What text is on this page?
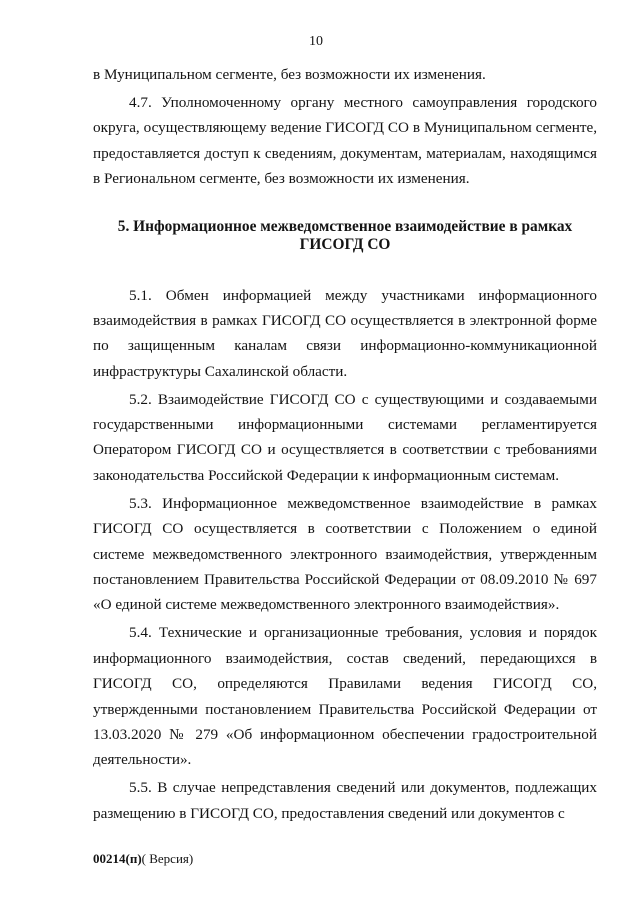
10

в Муниципальном сегменте, без возможности их изменения.

4.7. Уполномоченному органу местного самоуправления городского округа, осуществляющему ведение ГИСОГД СО в Муниципальном сегменте, предоставляется доступ к сведениям, документам, материалам, находящимся в Региональном сегменте, без возможности их изменения.

5. Информационное межведомственное взаимодействие в рамках
ГИСОГД СО

5.1. Обмен информацией между участниками информационного взаимодействия в рамках ГИСОГД СО осуществляется в электронной форме по защищенным каналам связи информационно-коммуникационной инфраструктуры Сахалинской области.

5.2. Взаимодействие ГИСОГД СО с существующими и создаваемыми государственными информационными системами регламентируется Оператором ГИСОГД СО и осуществляется в соответствии с требованиями законодательства Российской Федерации к информационным системам.

5.3. Информационное межведомственное взаимодействие в рамках ГИСОГД СО осуществляется в соответствии с Положением о единой системе межведомственного электронного взаимодействия, утвержденным постановлением Правительства Российской Федерации от 08.09.2010 № 697 «О единой системе межведомственного электронного взаимодействия».

5.4. Технические и организационные требования, условия и порядок информационного взаимодействия, состав сведений, передающихся в ГИСОГД СО, определяются Правилами ведения ГИСОГД СО, утвержденными постановлением Правительства Российской Федерации от 13.03.2020 № 279 «Об информационном обеспечении градостроительной деятельности».

5.5. В случае непредставления сведений или документов, подлежащих размещению в ГИСОГД СО, предоставления сведений или документов с

00214(п)( Версия)
